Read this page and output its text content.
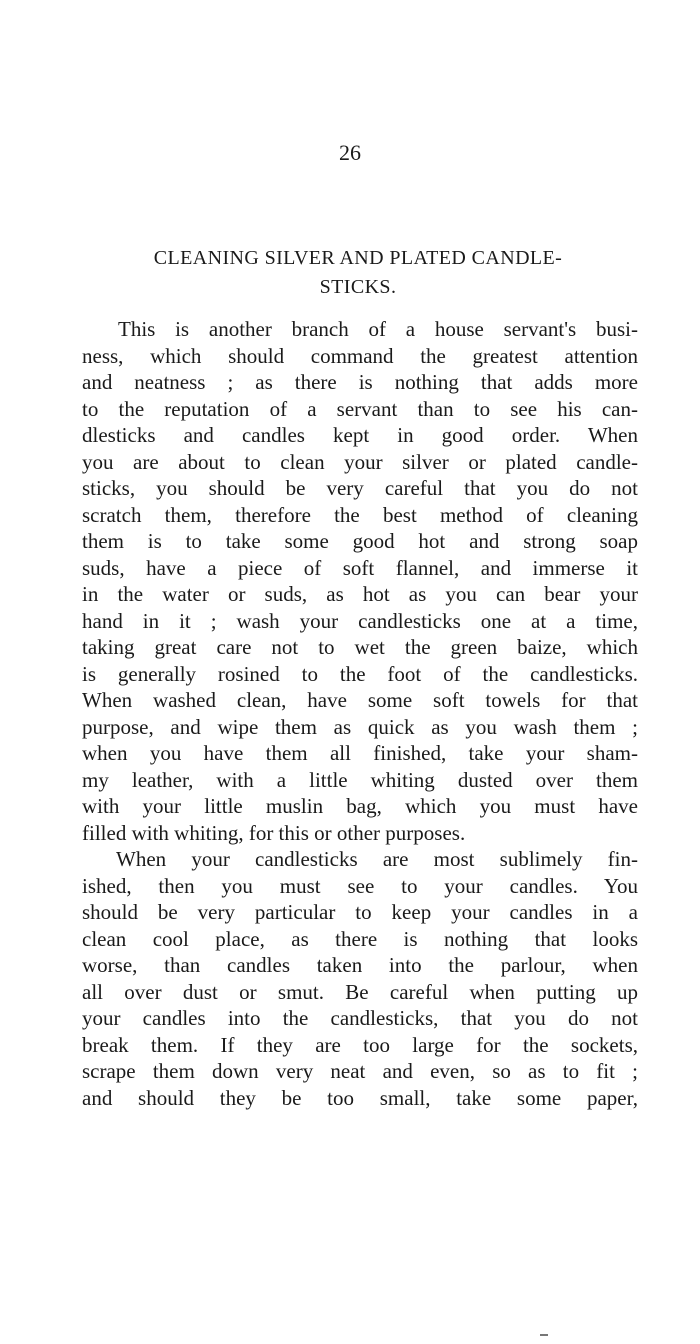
26
CLEANING SILVER AND PLATED CANDLE-
STICKS.
This is another branch of a house servant's busi-
ness, which should command the greatest attention
and neatness ; as there is nothing that adds more
to the reputation of a servant than to see his can-
dlesticks and candles kept in good order. When
you are about to clean your silver or plated candle-
sticks, you should be very careful that you do not
scratch them, therefore the best method of cleaning
them is to take some good hot and strong soap
suds, have a piece of soft flannel, and immerse it
in the water or suds, as hot as you can bear your
hand in it ; wash your candlesticks one at a time,
taking great care not to wet the green baize, which
is generally rosined to the foot of the candlesticks.
When washed clean, have some soft towels for that
purpose, and wipe them as quick as you wash them ;
when you have them all finished, take your sham-
my leather, with a little whiting dusted over them
with your little muslin bag, which you must have
filled with whiting, for this or other purposes.
When your candlesticks are most sublimely fin-
ished, then you must see to your candles. You
should be very particular to keep your candles in a
clean cool place, as there is nothing that looks
worse, than candles taken into the parlour, when
all over dust or smut. Be careful when putting up
your candles into the candlesticks, that you do not
break them. If they are too large for the sockets,
scrape them down very neat and even, so as to fit ;
and should they be too small, take some paper,
